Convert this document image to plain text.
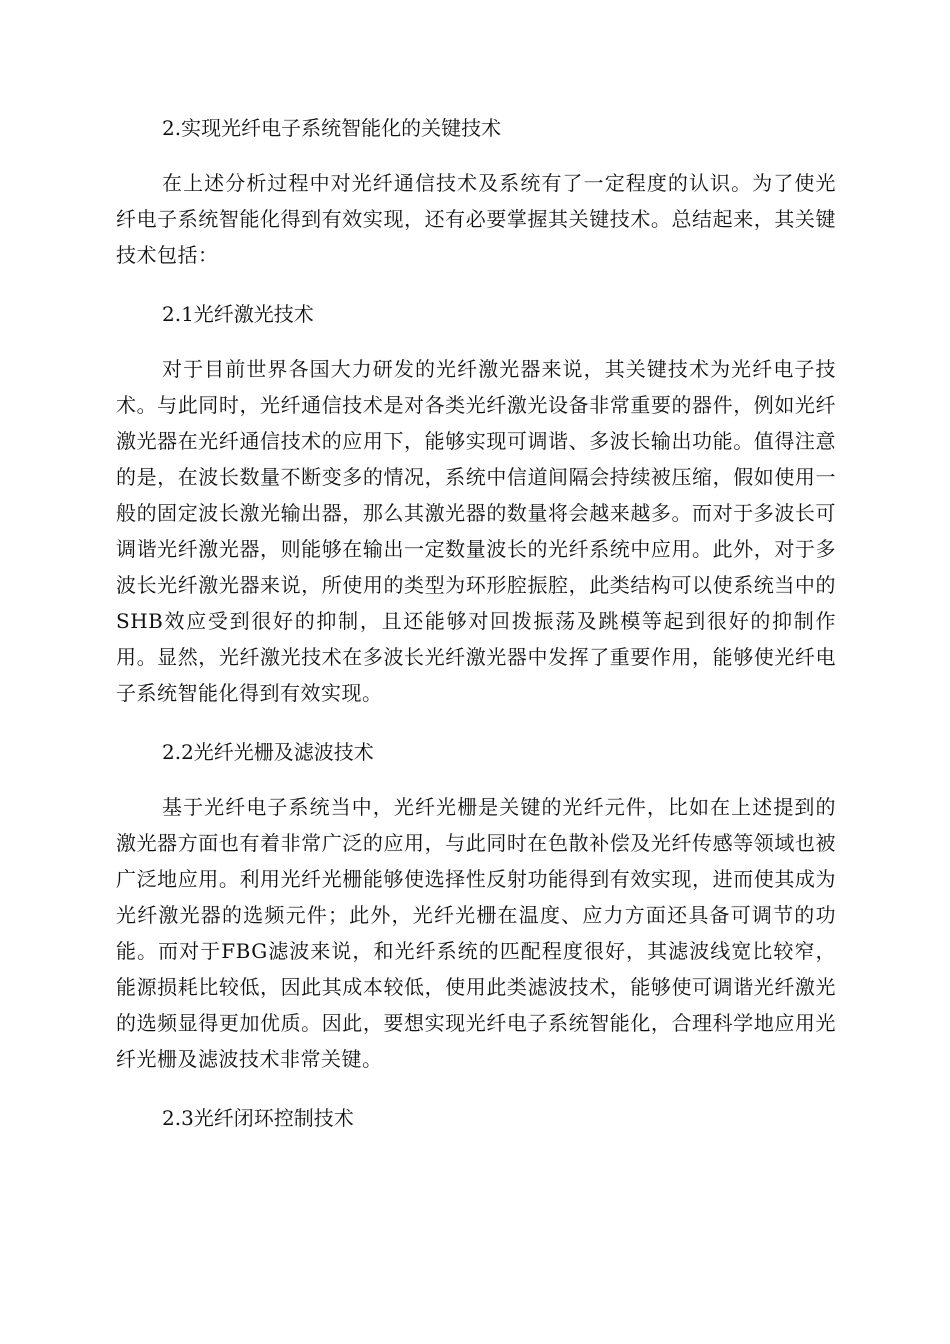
2.实现光纤电子系统智能化的关键技术

在上述分析过程中对光纤通信技术及系统有了一定程度的认识。为了使光纤电子系统智能化得到有效实现，还有必要掌握其关键技术。总结起来，其关键技术包括：

2.1光纤激光技术

对于目前世界各国大力研发的光纤激光器来说，其关键技术为光纤电子技术。与此同时，光纤通信技术是对各类光纤激光设备非常重要的器件，例如光纤激光器在光纤通信技术的应用下，能够实现可调谐、多波长输出功能。值得注意的是，在波长数量不断变多的情况，系统中信道间隔会持续被压缩，假如使用一般的固定波长激光输出器，那么其激光器的数量将会越来越多。而对于多波长可调谐光纤激光器，则能够在输出一定数量波长的光纤系统中应用。此外，对于多波长光纤激光器来说，所使用的类型为环形腔振腔，此类结构可以使系统当中的SHB效应受到很好的抑制，且还能够对回拨振荡及跳模等起到很好的抑制作用。显然，光纤激光技术在多波长光纤激光器中发挥了重要作用，能够使光纤电子系统智能化得到有效实现。

2.2光纤光栅及滤波技术

基于光纤电子系统当中，光纤光栅是关键的光纤元件，比如在上述提到的激光器方面也有着非常广泛的应用，与此同时在色散补偿及光纤传感等领域也被广泛地应用。利用光纤光栅能够使选择性反射功能得到有效实现，进而使其成为光纤激光器的选频元件；此外，光纤光栅在温度、应力方面还具备可调节的功能。而对于FBG滤波来说，和光纤系统的匹配程度很好，其滤波线宽比较窄，能源损耗比较低，因此其成本较低，使用此类滤波技术，能够使可调谐光纤激光的选频显得更加优质。因此，要想实现光纤电子系统智能化，合理科学地应用光纤光栅及滤波技术非常关键。

2.3光纤闭环控制技术
